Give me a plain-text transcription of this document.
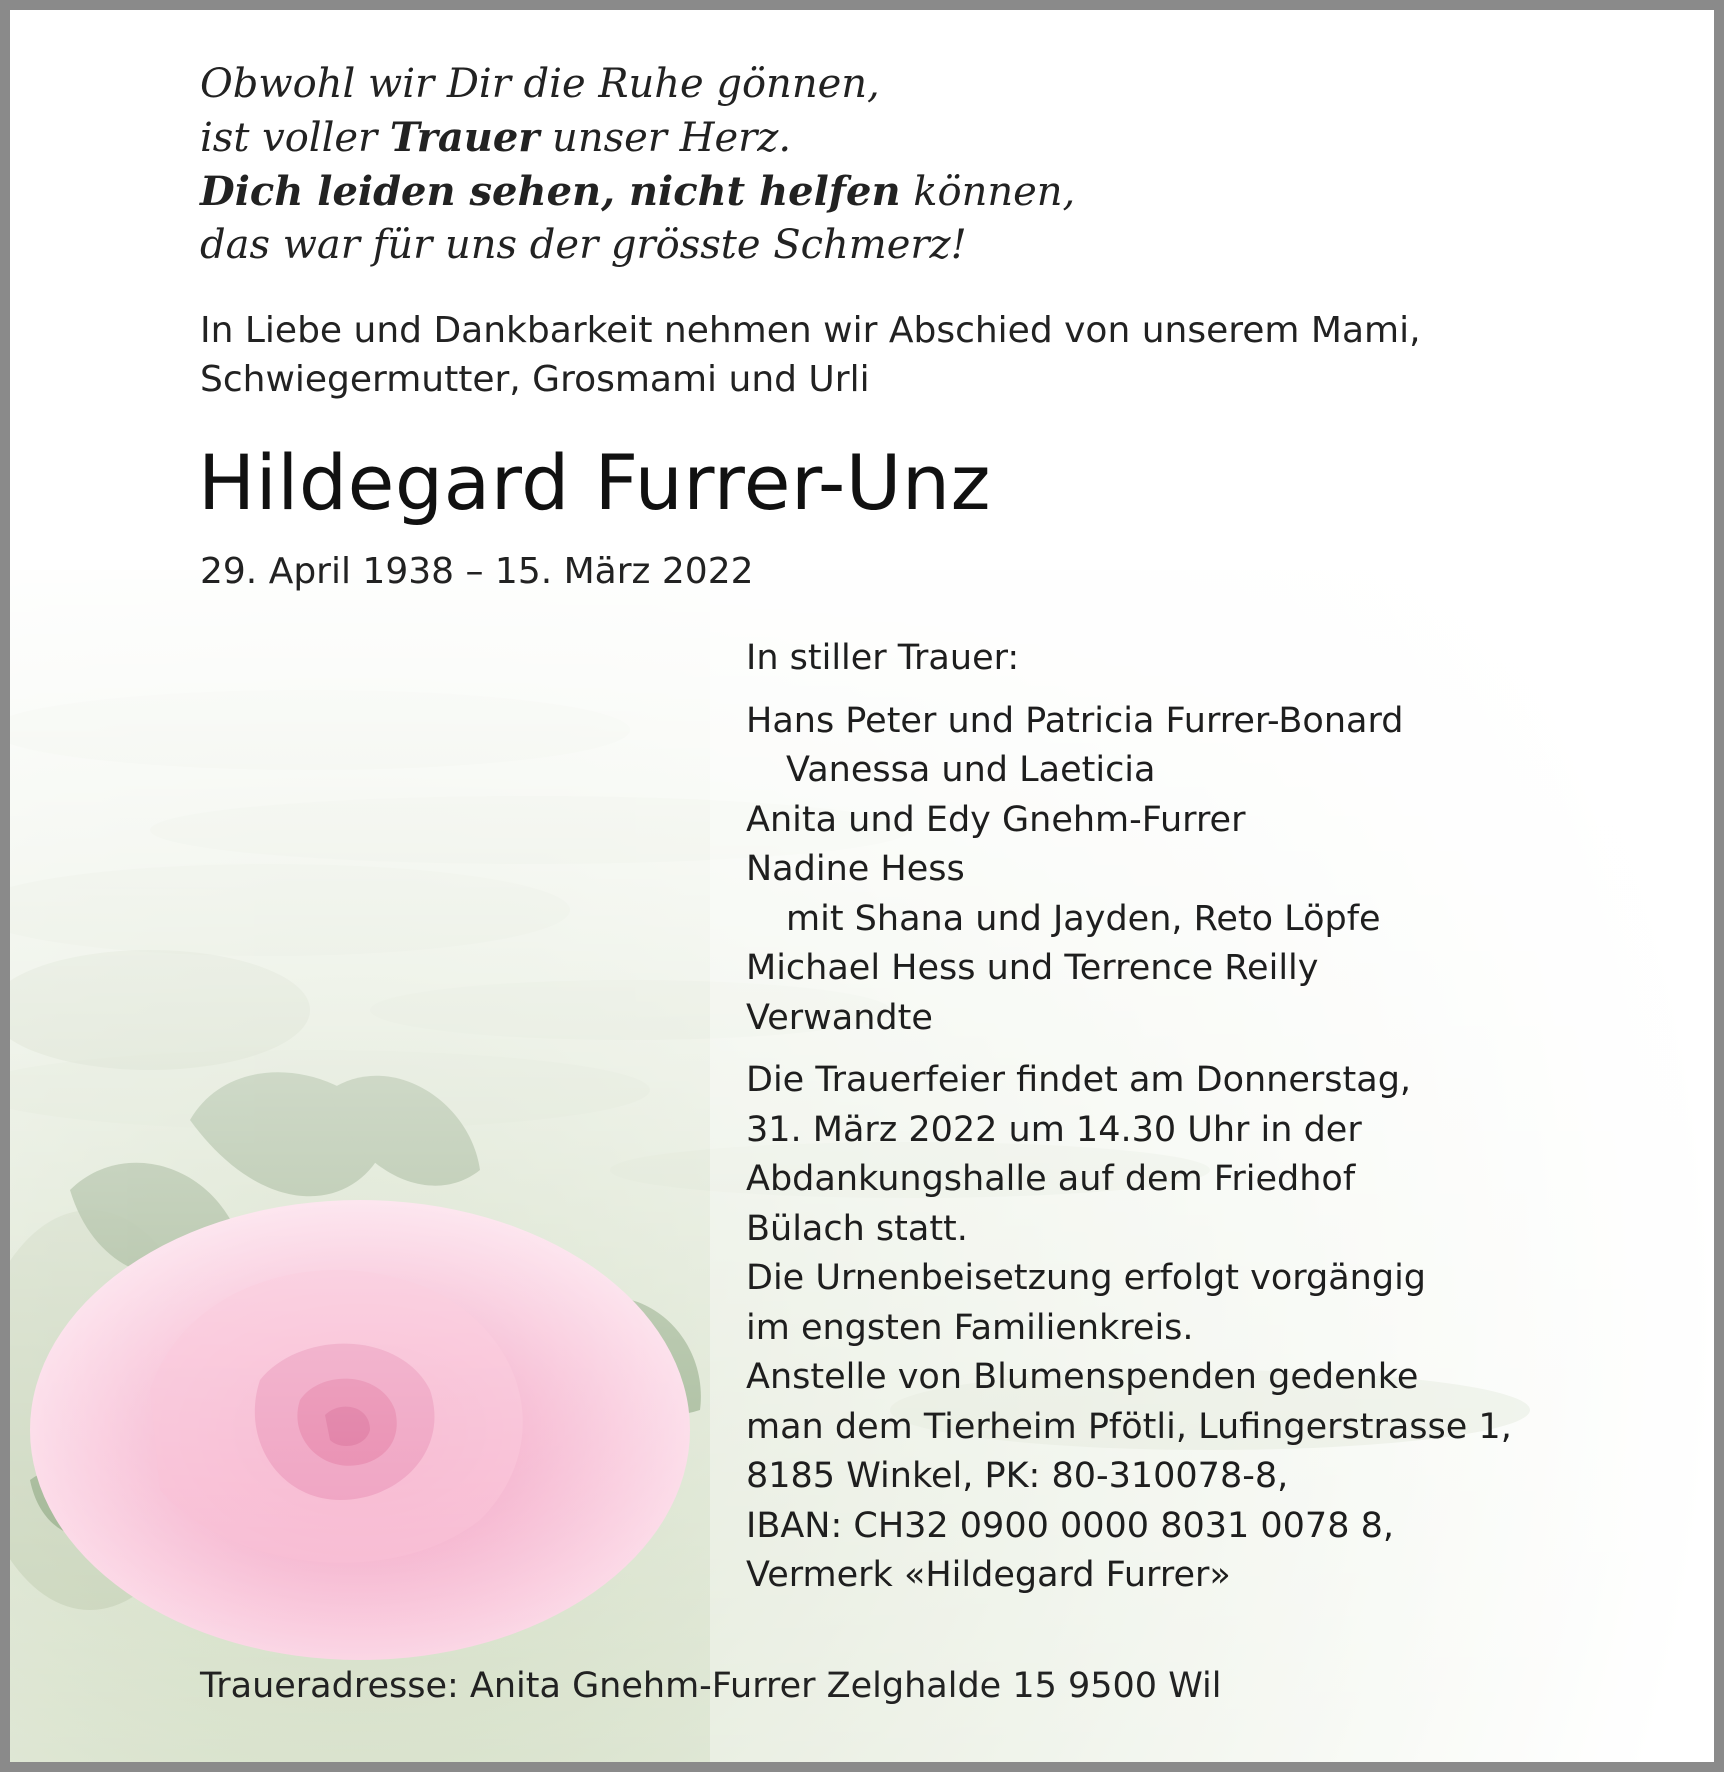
Obwohl wir Dir die Ruhe gönnen,
ist voller Trauer unser Herz.
Dich leiden sehen, nicht helfen können,
das war für uns der grösste Schmerz!
In Liebe und Dankbarkeit nehmen wir Abschied von unserem Mami,
Schwiegermutter, Grosmami und Urli
Hildegard Furrer-Unz
29. April 1938 – 15. März 2022
In stiller Trauer:
Hans Peter und Patricia Furrer-Bonard
Vanessa und Laeticia
Anita und Edy Gnehm-Furrer
Nadine Hess
mit Shana und Jayden, Reto Löpfe
Michael Hess und Terrence Reilly
Verwandte
Die Trauerfeier findet am Donnerstag,
31. März 2022 um 14.30 Uhr in der
Abdankungshalle auf dem Friedhof
Bülach statt.
Die Urnenbeisetzung erfolgt vorgängig
im engsten Familienkreis.
Anstelle von Blumenspenden gedenke
man dem Tierheim Pfötli, Lufingerstrasse 1,
8185 Winkel, PK: 80-310078-8,
IBAN: CH32 0900 0000 8031 0078 8,
Vermerk «Hildegard Furrer»
Traueradresse: Anita Gnehm-Furrer Zelghalde 15 9500 Wil
